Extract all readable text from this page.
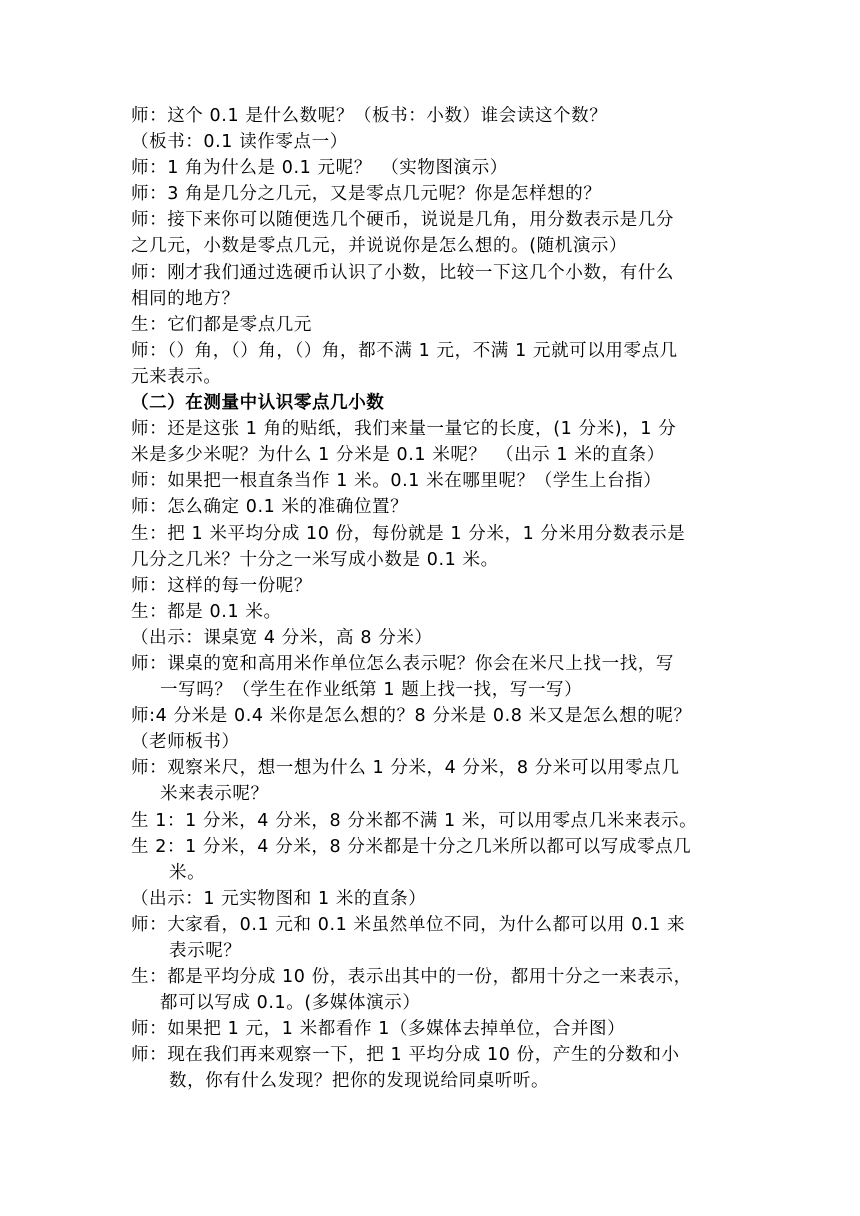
师：这个 0.1 是什么数呢？（板书：小数）谁会读这个数？
（板书：0.1 读作零点一）
师：1 角为什么是 0.1 元呢？　（实物图演示）
师：3 角是几分之几元，又是零点几元呢？你是怎样想的？
师：接下来你可以随便选几个硬币，说说是几角，用分数表示是几分
之几元，小数是零点几元，并说说你是怎么想的。(随机演示）
师：刚才我们通过选硬币认识了小数，比较一下这几个小数，有什么
相同的地方？
生：它们都是零点几元
师：（）角，（）角，（）角，都不满 1 元，不满 1 元就可以用零点几
元来表示。
（二）在测量中认识零点几小数
师：还是这张 1 角的贴纸，我们来量一量它的长度，(1 分米)，1 分
米是多少米呢？为什么 1 分米是 0.1 米呢？　（出示 1 米的直条）
师：如果把一根直条当作 1 米。0.1 米在哪里呢？（学生上台指）
师：怎么确定 0.1 米的准确位置？
生：把 1 米平均分成 10 份，每份就是 1 分米，1 分米用分数表示是
几分之几米？十分之一米写成小数是 0.1 米。
师：这样的每一份呢？
生：都是 0.1 米。
（出示：课桌宽 4 分米，高 8 分米）
师：课桌的宽和高用米作单位怎么表示呢？你会在米尺上找一找，写
一写吗？（学生在作业纸第 1 题上找一找，写一写）
师:4 分米是 0.4 米你是怎么想的？8 分米是 0.8 米又是怎么想的呢？
（老师板书）
师：观察米尺，想一想为什么 1 分米，4 分米，8 分米可以用零点几
米来表示呢？
生 1：1 分米，4 分米，8 分米都不满 1 米，可以用零点几米来表示。
生 2：1 分米，4 分米，8 分米都是十分之几米所以都可以写成零点几
米。
（出示：1 元实物图和 1 米的直条）
师：大家看，0.1 元和 0.1 米虽然单位不同，为什么都可以用 0.1 来
表示呢？
生：都是平均分成 10 份，表示出其中的一份，都用十分之一来表示，
都可以写成 0.1。(多媒体演示）
师：如果把 1 元，1 米都看作 1（多媒体去掉单位，合并图）
师：现在我们再来观察一下，把 1 平均分成 10 份，产生的分数和小
数，你有什么发现？把你的发现说给同桌听听。
